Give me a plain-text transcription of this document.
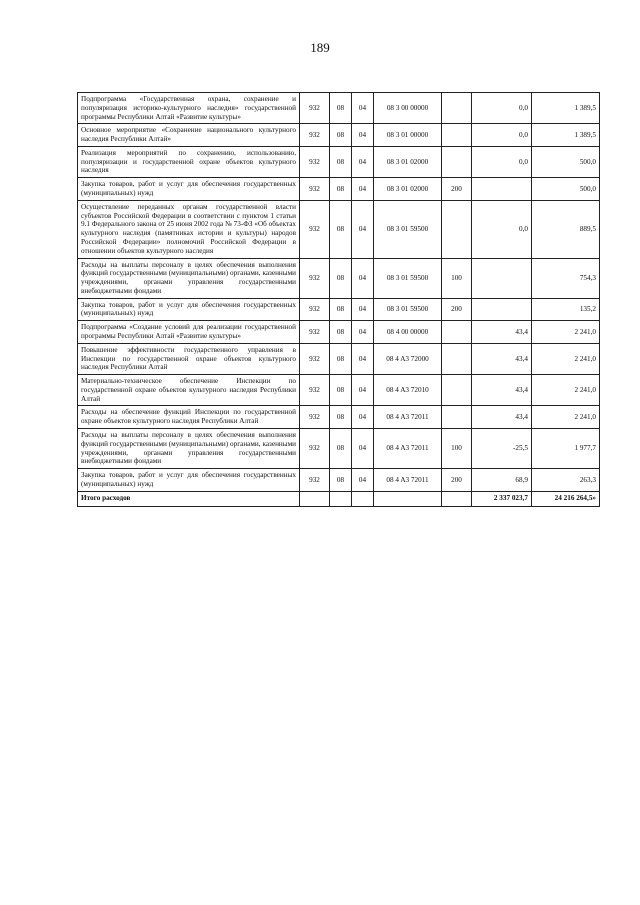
189
Подпрограмма «Государственная охрана, сохранение и популяризация историко-культурного наследия» государственной программы Республики Алтай «Развитие культуры»	932	08	04	08 3 00 00000		0,0	1 389,5
Основное мероприятие «Сохранение национального культурного наследия Республики Алтай»	932	08	04	08 3 01 00000		0,0	1 389,5
Реализация мероприятий по сохранению, использованию, популяризации и государственной охране объектов культурного наследия	932	08	04	08 3 01 02000		0,0	500,0
Закупка товаров, работ и услуг для обеспечения государственных (муниципальных) нужд	932	08	04	08 3 01 02000	200		500,0
Осуществление переданных органам государственной власти субъектов Российской Федерации в соответствии с пунктом 1 статьи 9.1 Федерального закона от 25 июня 2002 года № 73-ФЗ «Об объектах культурного наследия (памятниках истории и культуры) народов Российской Федерации» полномочий Российской Федерации в отношении объектов культурного наследия	932	08	04	08 3 01 59500		0,0	889,5
Расходы на выплаты персоналу в целях обеспечения выполнения функций государственными (муниципальными) органами, казенными учреждениями, органами управления государственными внебюджетными фондами	932	08	04	08 3 01 59500	100		754,3
Закупка товаров, работ и услуг для обеспечения государственных (муниципальных) нужд	932	08	04	08 3 01 59500	200		135,2
Подпрограмма «Создание условий для реализации государственной программы Республики Алтай «Развитие культуры»	932	08	04	08 4 00 00000		43,4	2 241,0
Повышение эффективности государственного управления в Инспекции по государственной охране объектов культурного наследия Республики Алтай	932	08	04	08 4 A3 72000		43,4	2 241,0
Материально-техническое обеспечение Инспекции по государственной охране объектов культурного наследия Республики Алтай	932	08	04	08 4 A3 72010		43,4	2 241,0
Расходы на обеспечение функций Инспекции по государственной охране объектов культурного наследия Республики Алтай	932	08	04	08 4 A3 72011		43,4	2 241,0
Расходы на выплаты персоналу в целях обеспечения выполнения функций государственными (муниципальными) органами, казенными учреждениями, органами управления государственными внебюджетными фондами	932	08	04	08 4 A3 72011	100	-25,5	1 977,7
Закупка товаров, работ и услуг для обеспечения государственных (муниципальных) нужд	932	08	04	08 4 A3 72011	200	68,9	263,3
Итого расходов						2 337 023,7	24 216 264,5»
